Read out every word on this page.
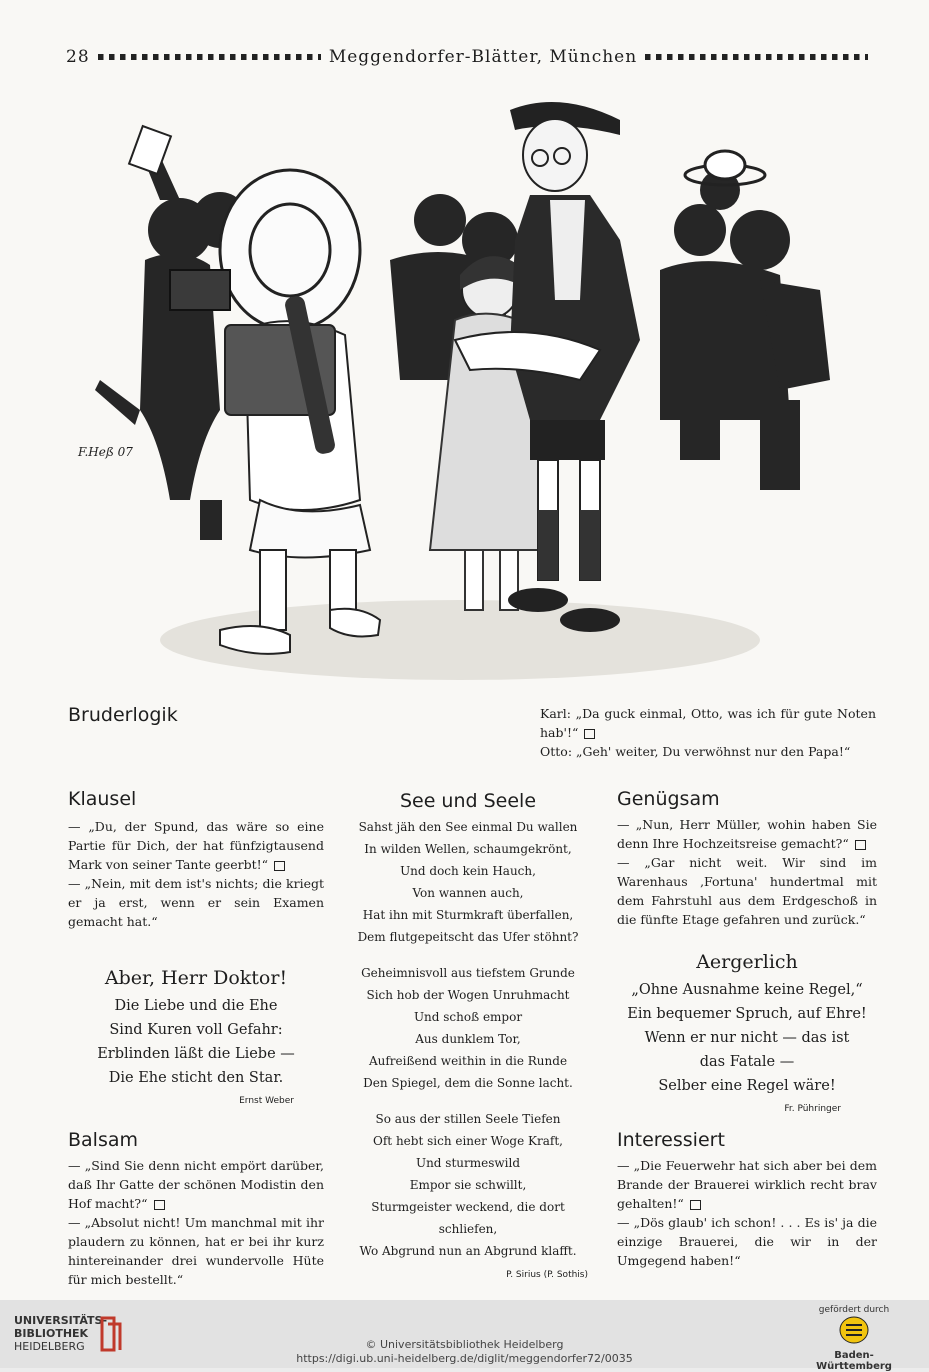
28	Meggendorfer-Blätter, München
F.Heß 07
Bruderlogik	Karl: „Da guck einmal, Otto, was ich für gute Noten hab'!“
Otto: „Geh' weiter, Du verwöhnst nur den Papa!“
Klausel
— „Du, der Spund, das wäre so eine Partie für Dich, der hat fünfzigtausend Mark von seiner Tante geerbt!“
— „Nein, mit dem ist's nichts; die kriegt er ja erst, wenn er sein Examen gemacht hat.“
Aber, Herr Doktor!
Die Liebe und die Ehe
Sind Kuren voll Gefahr:
Erblinden läßt die Liebe —
Die Ehe sticht den Star.
Ernst Weber
Balsam
— „Sind Sie denn nicht empört darüber, daß Ihr Gatte der schönen Modistin den Hof macht?“
— „Absolut nicht! Um manchmal mit ihr plaudern zu können, hat er bei ihr kurz hintereinander drei wundervolle Hüte für mich bestellt.“
See und Seele
Sahst jäh den See einmal Du wallen
In wilden Wellen, schaumgekrönt,
Und doch kein Hauch,
Von wannen auch,
Hat ihn mit Sturmkraft überfallen,
Dem flutgepeitscht das Ufer stöhnt?
Geheimnisvoll aus tiefstem Grunde
Sich hob der Wogen Unruhmacht
Und schoß empor
Aus dunklem Tor,
Aufreißend weithin in die Runde
Den Spiegel, dem die Sonne lacht.
So aus der stillen Seele Tiefen
Oft hebt sich einer Woge Kraft,
Und sturmeswild
Empor sie schwillt,
Sturmgeister weckend, die dort schliefen,
Wo Abgrund nun an Abgrund klafft.
P. Sirius (P. Sothis)
Genügsam
— „Nun, Herr Müller, wohin haben Sie denn Ihre Hochzeitsreise gemacht?“
— „Gar nicht weit. Wir sind im Warenhaus ‚Fortuna' hundertmal mit dem Fahrstuhl aus dem Erdgeschoß in die fünfte Etage gefahren und zurück.“
Aergerlich
„Ohne Ausnahme keine Regel,“
Ein bequemer Spruch, auf Ehre!
Wenn er nur nicht — das ist
das Fatale —
Selber eine Regel wäre!
Fr. Pühringer
Interessiert
— „Die Feuerwehr hat sich aber bei dem Brande der Brauerei wirklich recht brav gehalten!“
— „Dös glaub' ich schon! . . . Es is' ja die einzige Brauerei, die wir in der Umgegend haben!“
UNIVERSITÄTS-
BIBLIOTHEK
HEIDELBERG	© Universitätsbibliothek Heidelberg
https://digi.ub.uni-heidelberg.de/diglit/meggendorfer72/0035
gefördert durch
Baden-Württemberg
